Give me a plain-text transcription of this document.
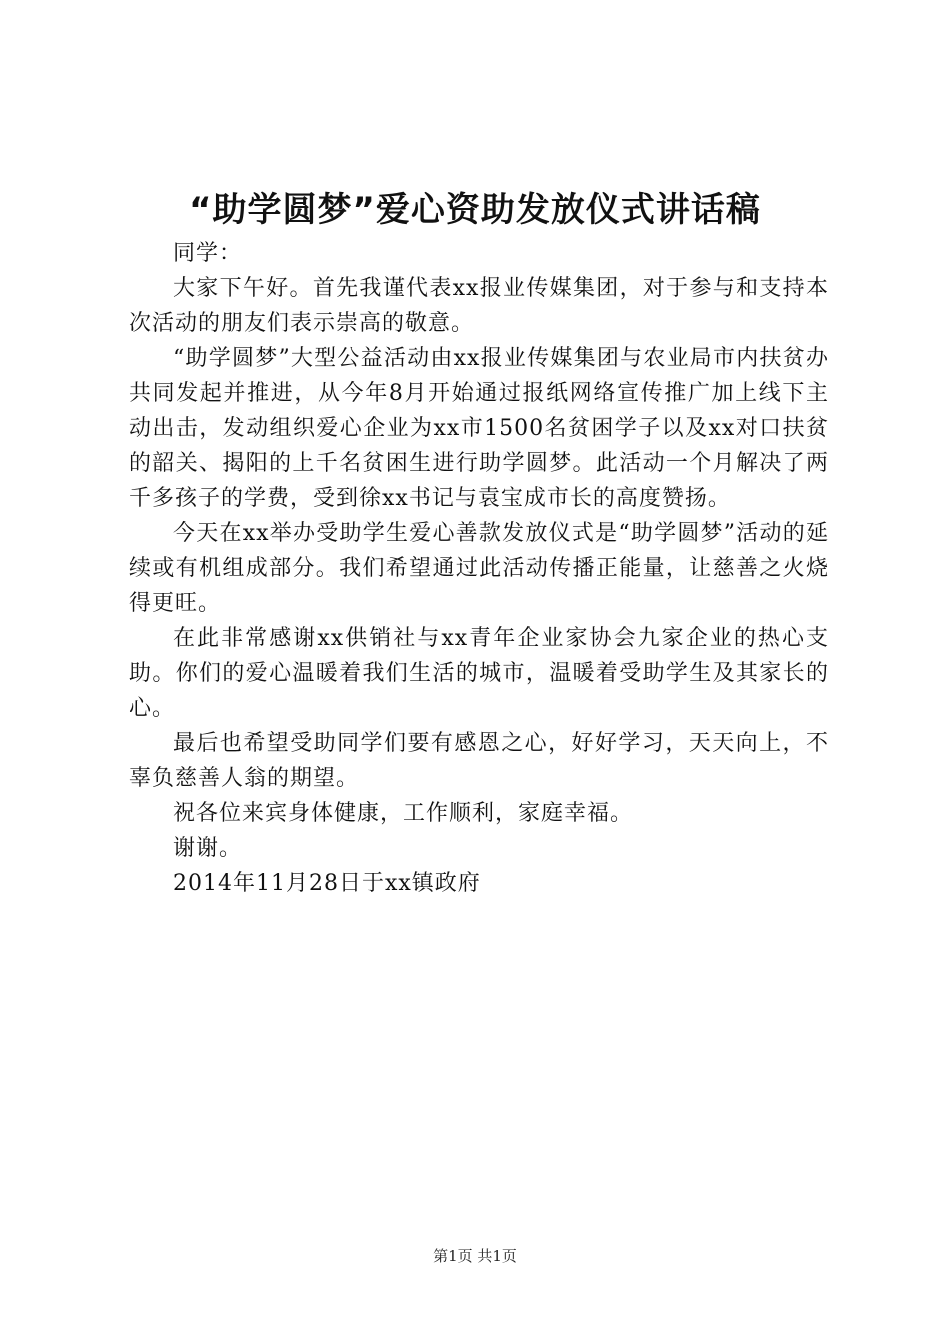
“助学圆梦”爱心资助发放仪式讲话稿

同学：

大家下午好。首先我谨代表xx报业传媒集团，对于参与和支持本次活动的朋友们表示崇高的敬意。

“助学圆梦”大型公益活动由xx报业传媒集团与农业局市内扶贫办共同发起并推进，从今年8月开始通过报纸网络宣传推广加上线下主动出击，发动组织爱心企业为xx市1500名贫困学子以及xx对口扶贫的韶关、揭阳的上千名贫困生进行助学圆梦。此活动一个月解决了两千多孩子的学费，受到徐xx书记与袁宝成市长的高度赞扬。

今天在xx举办受助学生爱心善款发放仪式是“助学圆梦”活动的延续或有机组成部分。我们希望通过此活动传播正能量，让慈善之火烧得更旺。

在此非常感谢xx供销社与xx青年企业家协会九家企业的热心支助。你们的爱心温暖着我们生活的城市，温暖着受助学生及其家长的心。

最后也希望受助同学们要有感恩之心，好好学习，天天向上，不辜负慈善人翁的期望。

祝各位来宾身体健康，工作顺利，家庭幸福。

谢谢。

2014年11月28日于xx镇政府

第1页 共1页
